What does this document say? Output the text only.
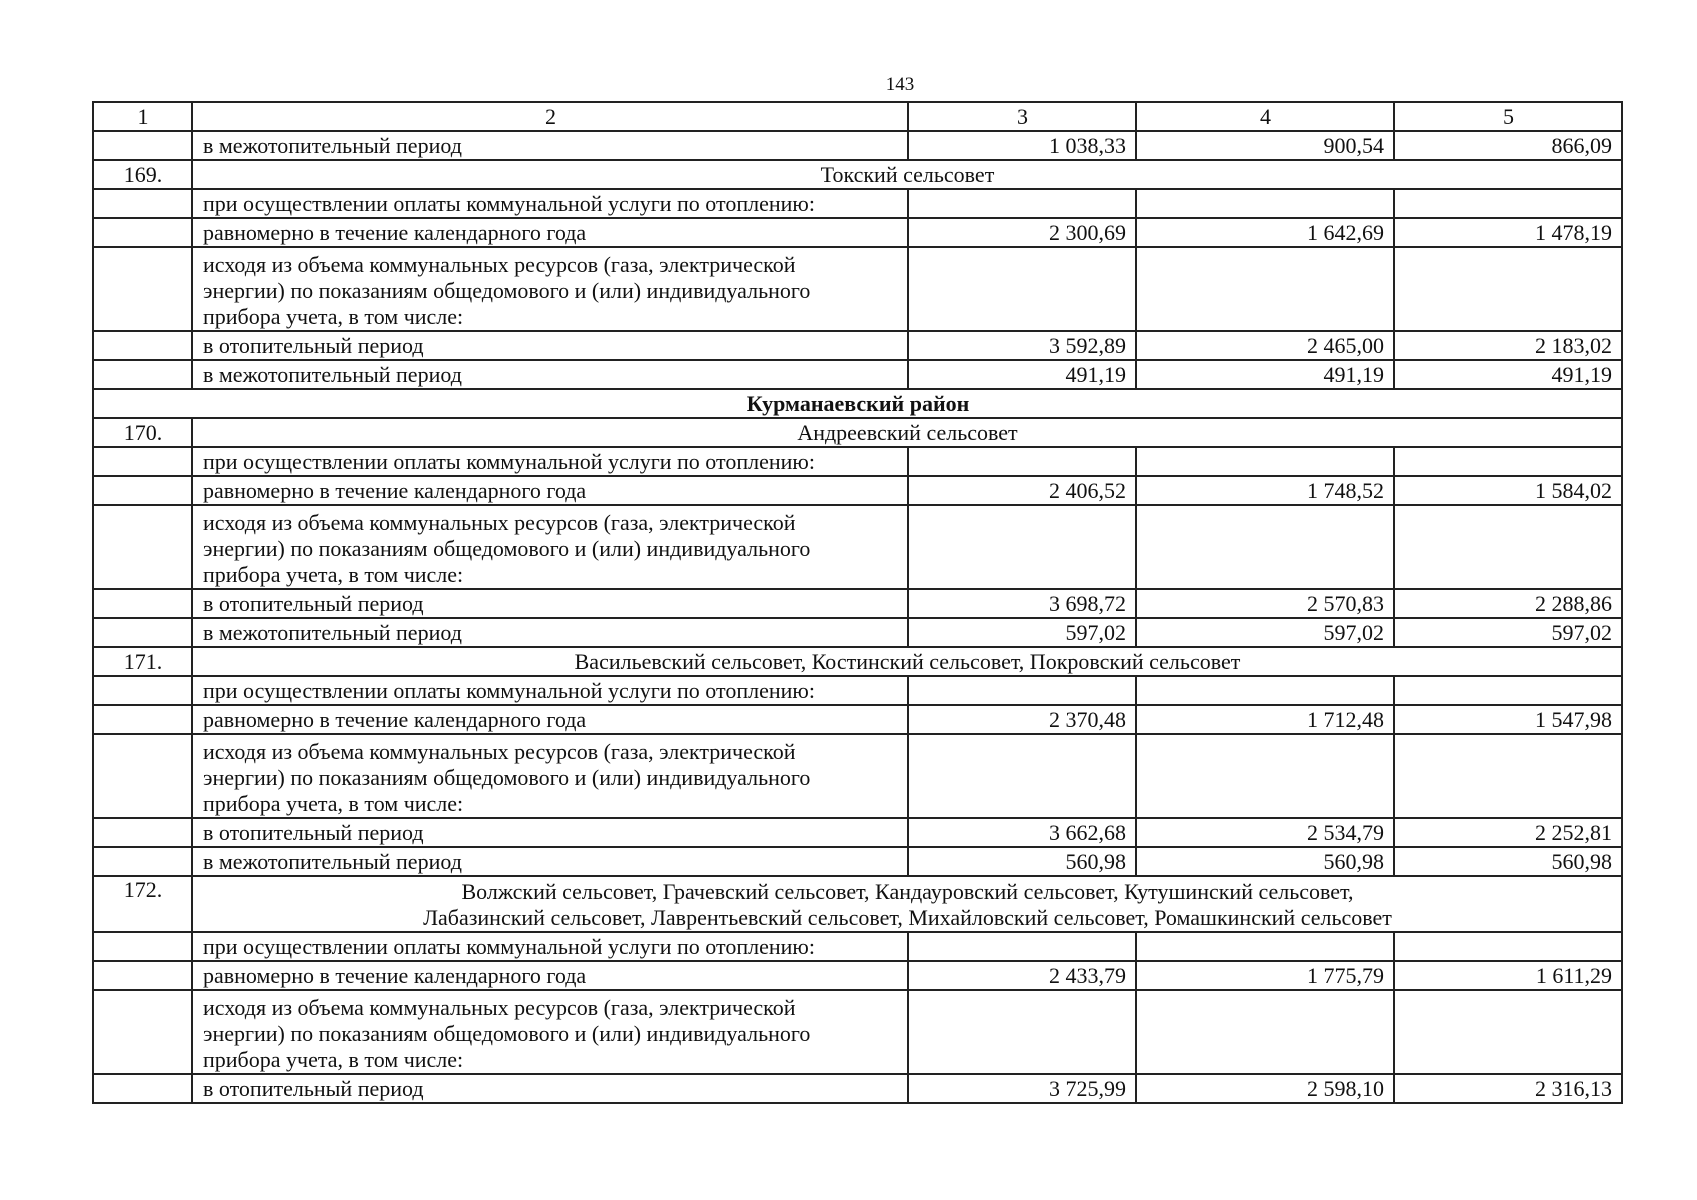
143
1	2	3	4	5
	в межотопительный период	1 038,33	900,54	866,09
169.	Токский сельсовет			
	при осуществлении оплаты коммунальной услуги по отоплению:			
	равномерно в течение календарного года	2 300,69	1 642,69	1 478,19

	исходя из объема коммунальных ресурсов (газа, электрической
энергии) по показаниям общедомового и (или) индивидуального
прибора учета, в том числе:			

	в отопительный период	3 592,89	2 465,00	2 183,02
	в межотопительный период	491,19	491,19	491,19
Курманаевский район				
170.	Андреевский сельсовет			
	при осуществлении оплаты коммунальной услуги по отоплению:			
	равномерно в течение календарного года	2 406,52	1 748,52	1 584,02

	исходя из объема коммунальных ресурсов (газа, электрической
энергии) по показаниям общедомового и (или) индивидуального
прибора учета, в том числе:			

	в отопительный период	3 698,72	2 570,83	2 288,86
	в межотопительный период	597,02	597,02	597,02
171.	Васильевский сельсовет, Костинский сельсовет, Покровский сельсовет			
	при осуществлении оплаты коммунальной услуги по отоплению:			
	равномерно в течение календарного года	2 370,48	1 712,48	1 547,98

	исходя из объема коммунальных ресурсов (газа, электрической
энергии) по показаниям общедомового и (или) индивидуального
прибора учета, в том числе:			

	в отопительный период	3 662,68	2 534,79	2 252,81
	в межотопительный период	560,98	560,98	560,98
172.	Волжский сельсовет, Грачевский сельсовет, Кандауровский сельсовет, Кутушинский сельсовет,
Лабазинский сельсовет, Лаврентьевский сельсовет, Михайловский сельсовет, Ромашкинский сельсовет			

	при осуществлении оплаты коммунальной услуги по отоплению:			
	равномерно в течение календарного года	2 433,79	1 775,79	1 611,29

	исходя из объема коммунальных ресурсов (газа, электрической
энергии) по показаниям общедомового и (или) индивидуального
прибора учета, в том числе:			

	в отопительный период	3 725,99	2 598,10	2 316,13
